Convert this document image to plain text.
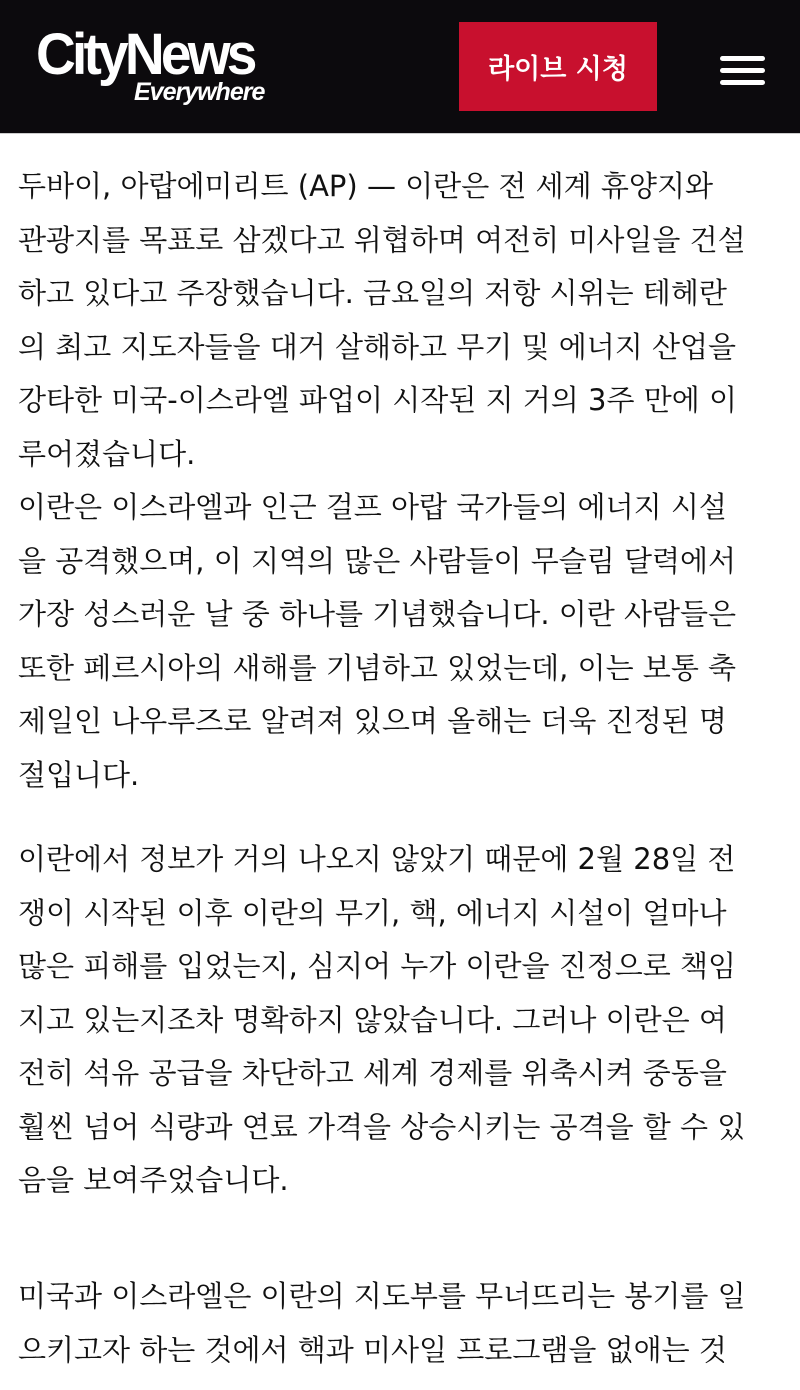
CityNews
Everywhere
라이브 시청
두바이, 아랍에미리트 (AP) — 이란은 전 세계 휴양지와
관광지를 목표로 삼겠다고 위협하며 여전히 미사일을 건설
하고 있다고 주장했습니다. 금요일의 저항 시위는 테헤란
의 최고 지도자들을 대거 살해하고 무기 및 에너지 산업을
강타한 미국-이스라엘 파업이 시작된 지 거의 3주 만에 이
루어졌습니다.
이란은 이스라엘과 인근 걸프 아랍 국가들의 에너지 시설
을 공격했으며, 이 지역의 많은 사람들이 무슬림 달력에서
가장 성스러운 날 중 하나를 기념했습니다. 이란 사람들은
또한 페르시아의 새해를 기념하고 있었는데, 이는 보통 축
제일인 나우루즈로 알려져 있으며 올해는 더욱 진정된 명
절입니다.
이란에서 정보가 거의 나오지 않았기 때문에 2월 28일 전
쟁이 시작된 이후 이란의 무기, 핵, 에너지 시설이 얼마나
많은 피해를 입었는지, 심지어 누가 이란을 진정으로 책임
지고 있는지조차 명확하지 않았습니다. 그러나 이란은 여
전히 석유 공급을 차단하고 세계 경제를 위축시켜 중동을
훨씬 넘어 식량과 연료 가격을 상승시키는 공격을 할 수 있
음을 보여주었습니다.
미국과 이스라엘은 이란의 지도부를 무너뜨리는 봉기를 일
으키고자 하는 것에서 핵과 미사일 프로그램을 없애는 것
